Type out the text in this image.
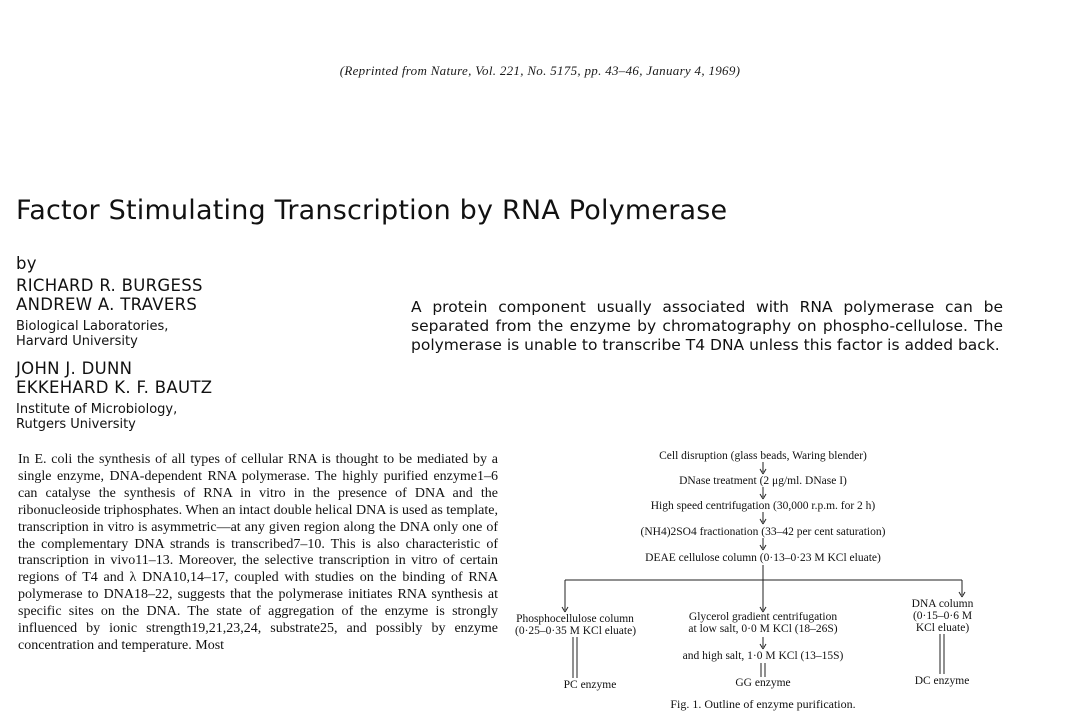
(Reprinted from Nature, Vol. 221, No. 5175, pp. 43–46, January 4, 1969)
Factor Stimulating Transcription by RNA Polymerase
by
RICHARD R. BURGESS
ANDREW A. TRAVERS
Biological Laboratories,
Harvard University
JOHN J. DUNN
EKKEHARD K. F. BAUTZ
Institute of Microbiology,
Rutgers University
A protein component usually associated with RNA polymerase can be separated from the enzyme by chromatography on phospho-cellulose. The polymerase is unable to transcribe T4 DNA unless this factor is added back.

In E. coli the synthesis of all types of cellular RNA is thought to be mediated by a single enzyme, DNA-dependent RNA polymerase. The highly purified enzyme1–6 can catalyse the synthesis of RNA in vitro in the presence of DNA and the ribonucleoside triphosphates. When an intact double helical DNA is used as template, transcription in vitro is asymmetric—at any given region along the DNA only one of the complementary DNA strands is transcribed7–10. This is also characteristic of transcription in vivo11–13. Moreover, the selective transcription in vitro of certain regions of T4 and λ DNA10,14–17, coupled with studies on the binding of RNA polymerase to DNA18–22, suggests that the polymerase initiates RNA synthesis at specific sites on the DNA. The state of aggregation of the enzyme is strongly influenced by ionic strength19,21,23,24, substrate25, and possibly by enzyme concentration and temperature. Most

Cell disruption (glass beads, Waring blender)
DNase treatment (2 μg/ml. DNase I)
High speed centrifugation (30,000 r.p.m. for 2 h)
(NH4)2SO4 fractionation (33–42 per cent saturation)
DEAE cellulose column (0·13–0·23 M KCl eluate)
Phosphocellulose column
(0·25–0·35 M KCl eluate)
Glycerol gradient centrifugation
at low salt, 0·0 M KCl (18–26S)
and high salt, 1·0 M KCl (13–15S)
DNA column
(0·15–0·6 M
KCl eluate)
PC enzyme	GG enzyme	DC enzyme
Fig. 1. Outline of enzyme purification.
